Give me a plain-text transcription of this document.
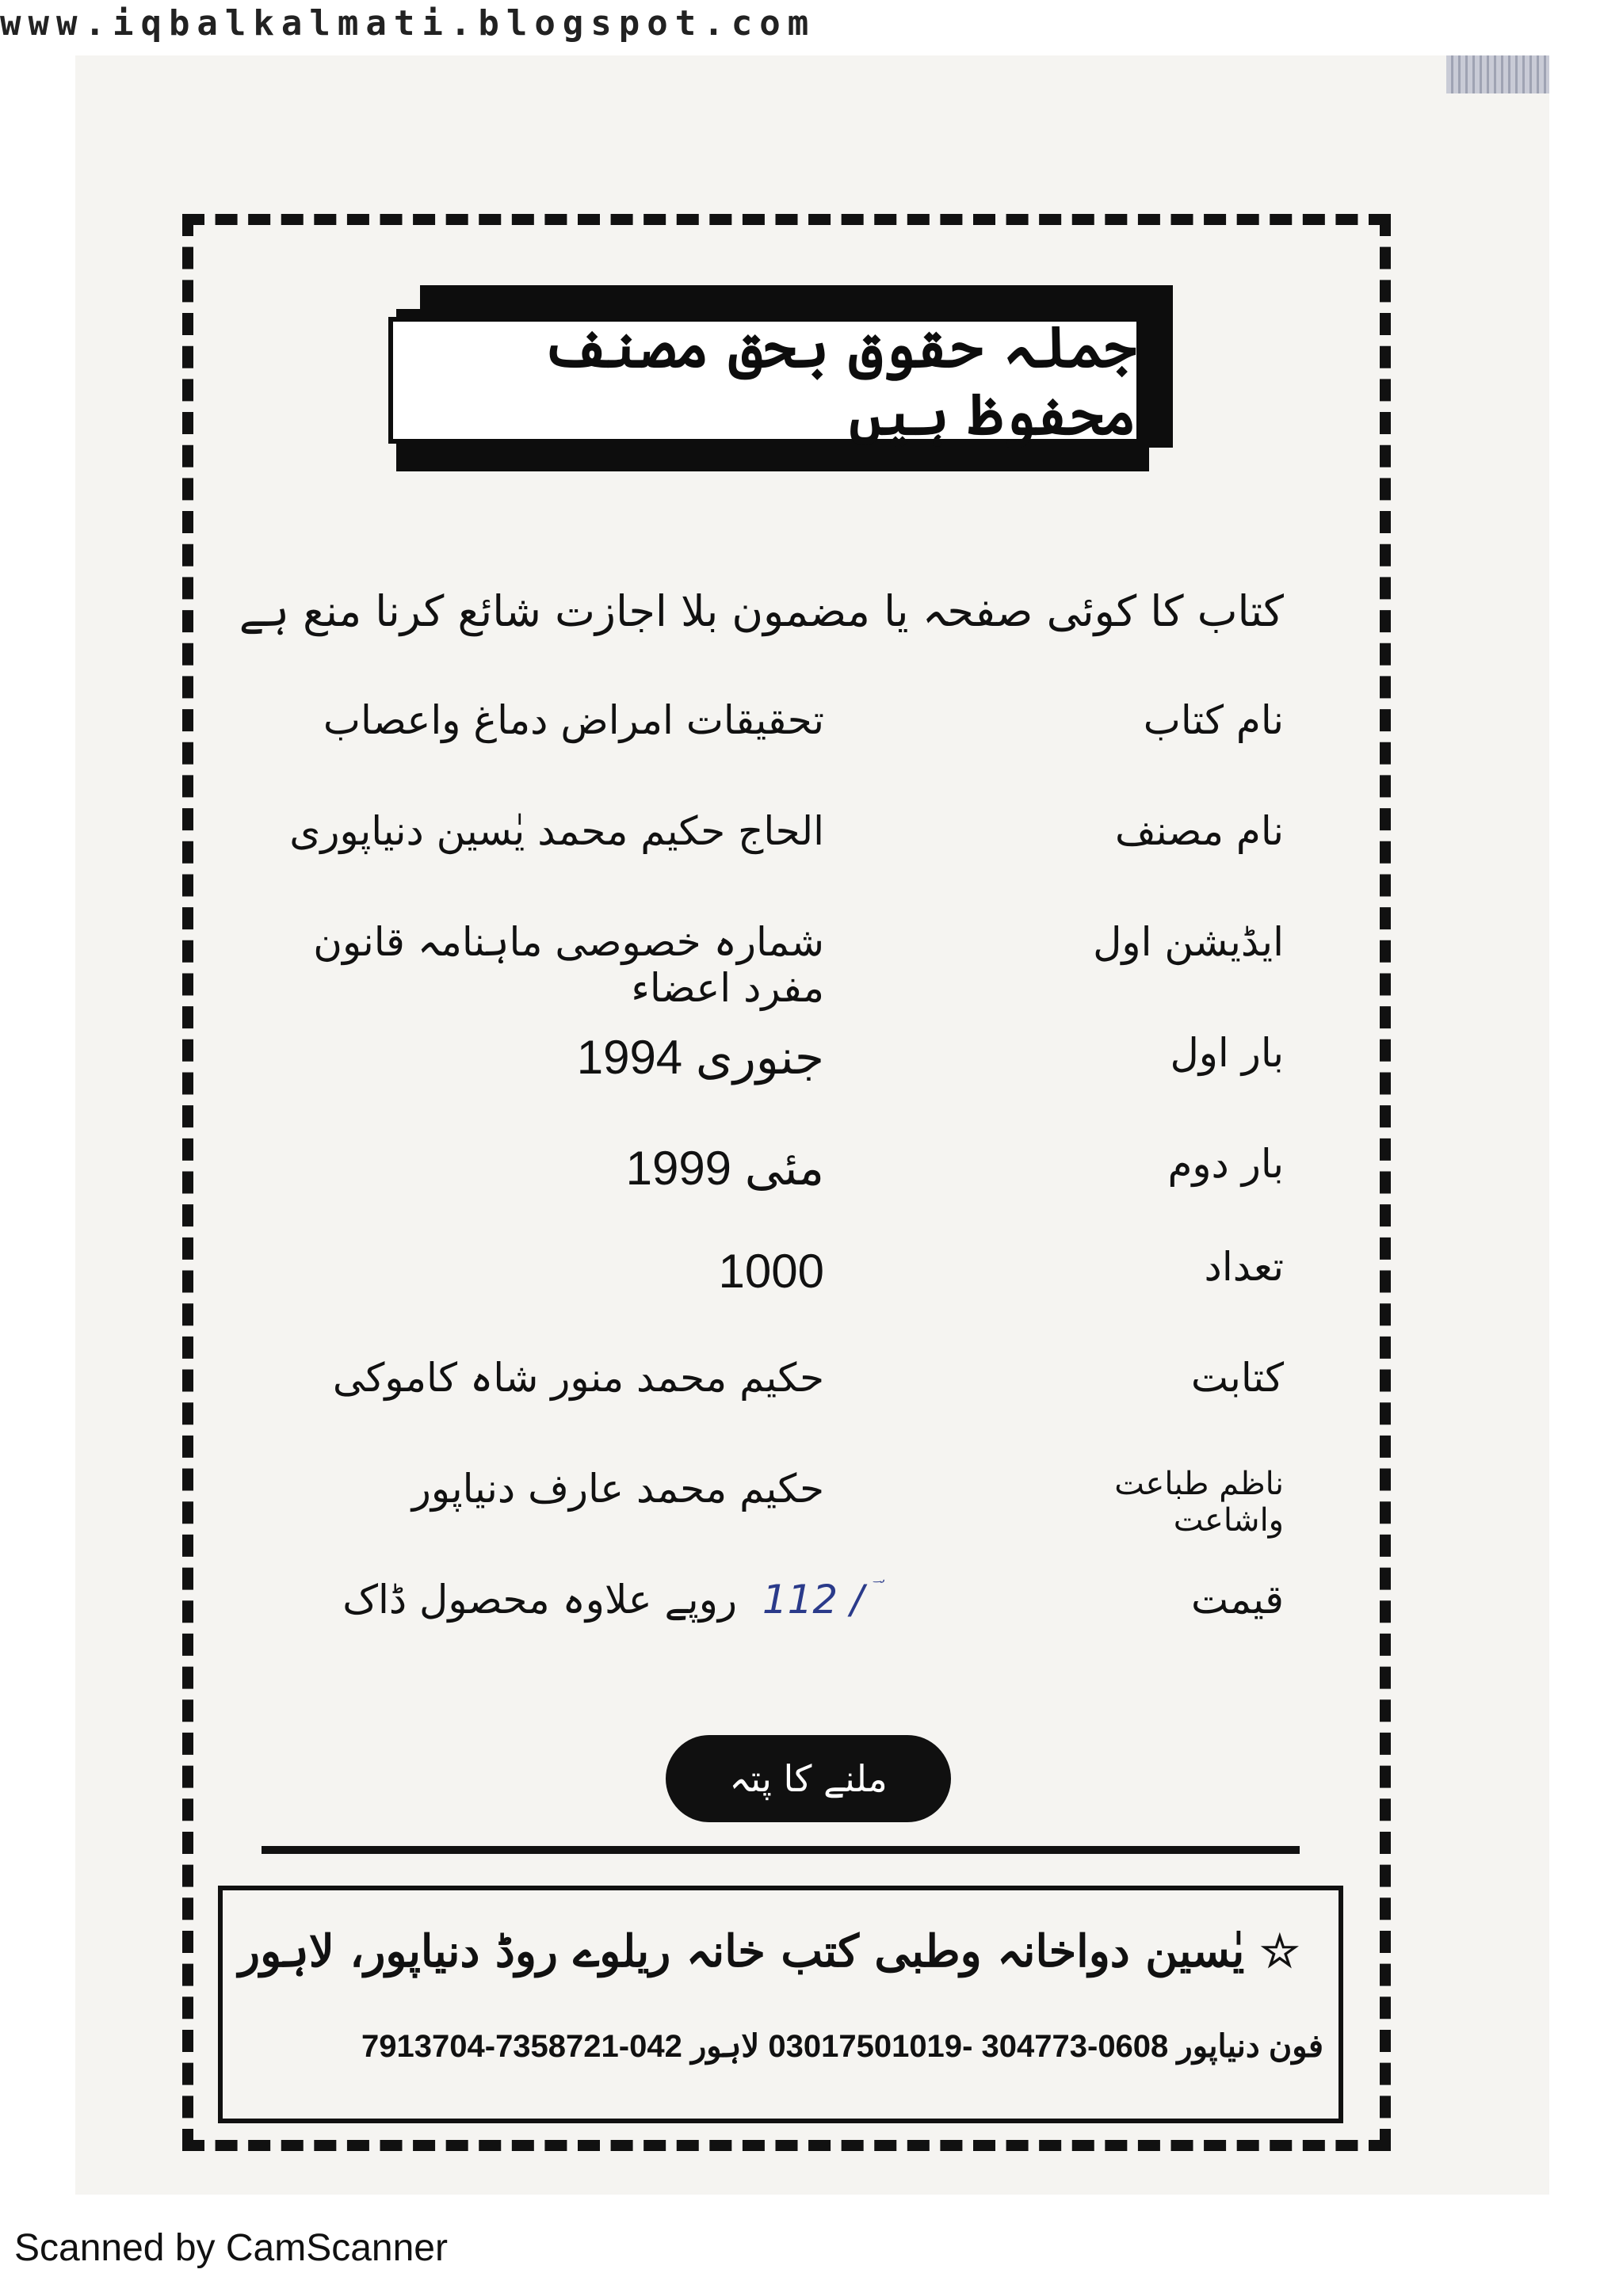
www.iqbalkalmati.blogspot.com
جملہ حقوق بحق مصنف محفوظ ہیں
کتاب کا کوئی صفحہ یا مضمون بلا اجازت شائع کرنا منع ہے
نام کتاب
تحقیقات امراض دماغ واعصاب
نام مصنف
الحاج حکیم محمد یٰسین دنیاپوری
ایڈیشن اول
شمارہ خصوصی ماہنامہ قانون مفرد اعضاء
بار اول
جنوری 1994
بار دوم
مئی 1999
تعداد
1000
کتابت
حکیم محمد منور شاہ کاموکی
ناظم طباعت واشاعت
حکیم محمد عارف دنیاپور
قیمت
ؔ/ 112  روپے علاوہ محصول ڈاک
ملنے کا پتہ
☆ یٰسین دواخانہ وطبی کتب خانہ ریلوے روڈ دنیاپور، لاہور
فون دنیاپور 0608-304773 -03017501019 لاہور 042-7358721-7913704
Scanned by CamScanner
